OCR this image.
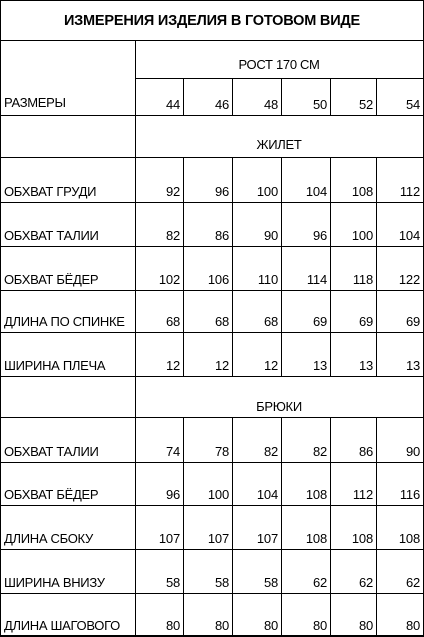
ИЗМЕРЕНИЯ ИЗДЕЛИЯ В ГОТОВОМ ВИДЕ
РОСТ 170 СМ
РАЗМЕРЫ	44	46	48	50	52	54
ЖИЛЕТ
ОБХВАТ ГРУДИ	92	96	100	104	108	112
ОБХВАТ ТАЛИИ	82	86	90	96	100	104
ОБХВАТ БЁДЕР	102	106	110	114	118	122
ДЛИНА ПО СПИНКЕ	68	68	68	69	69	69
ШИРИНА ПЛЕЧА	12	12	12	13	13	13
БРЮКИ
ОБХВАТ ТАЛИИ	74	78	82	82	86	90
ОБХВАТ БЁДЕР	96	100	104	108	112	116
ДЛИНА СБОКУ	107	107	107	108	108	108
ШИРИНА ВНИЗУ	58	58	58	62	62	62
ДЛИНА ШАГОВОГО	80	80	80	80	80	80
